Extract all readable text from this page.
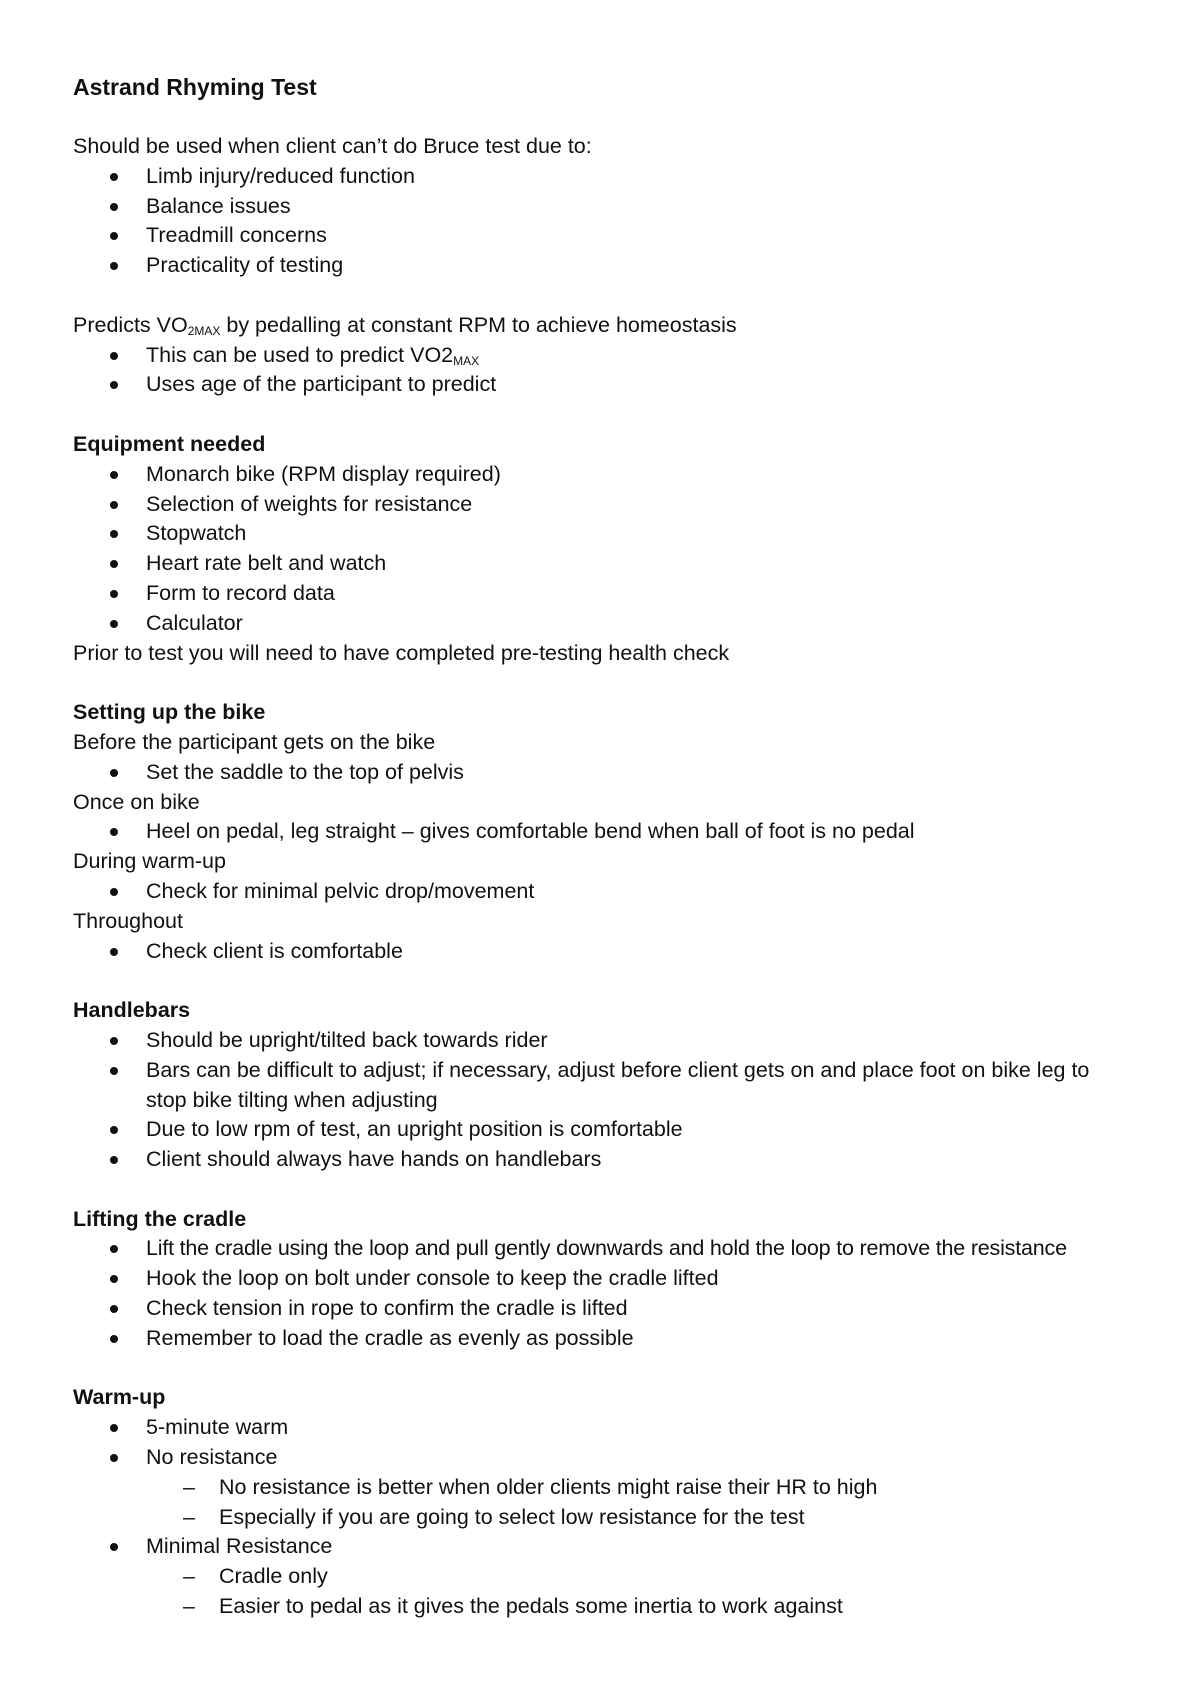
Astrand Rhyming Test
Should be used when client can’t do Bruce test due to:
Limb injury/reduced function
Balance issues
Treadmill concerns
Practicality of testing
Predicts $VO_{2MAX}$ by pedalling at constant RPM to achieve homeostasis
This can be used to predict $VO2_{MAX}$
Uses age of the participant to predict
Equipment needed
Monarch bike (RPM display required)
Selection of weights for resistance
Stopwatch
Heart rate belt and watch
Form to record data
Calculator
Prior to test you will need to have completed pre-testing health check
Setting up the bike
Before the participant gets on the bike
Set the saddle to the top of pelvis
Once on bike
Heel on pedal, leg straight – gives comfortable bend when ball of foot is no pedal
During warm-up
Check for minimal pelvic drop/movement
Throughout
Check client is comfortable
Handlebars
Should be upright/tilted back towards rider
Bars can be difficult to adjust; if necessary, adjust before client gets on and place foot on bike leg to stop bike tilting when adjusting
Due to low rpm of test, an upright position is comfortable
Client should always have hands on handlebars
Lifting the cradle
Lift the cradle using the loop and pull gently downwards and hold the loop to remove the resistance
Hook the loop on bolt under console to keep the cradle lifted
Check tension in rope to confirm the cradle is lifted
Remember to load the cradle as evenly as possible
Warm-up
5-minute warm
No resistance
– No resistance is better when older clients might raise their HR to high
– Especially if you are going to select low resistance for the test
Minimal Resistance
– Cradle only
– Easier to pedal as it gives the pedals some inertia to work against
